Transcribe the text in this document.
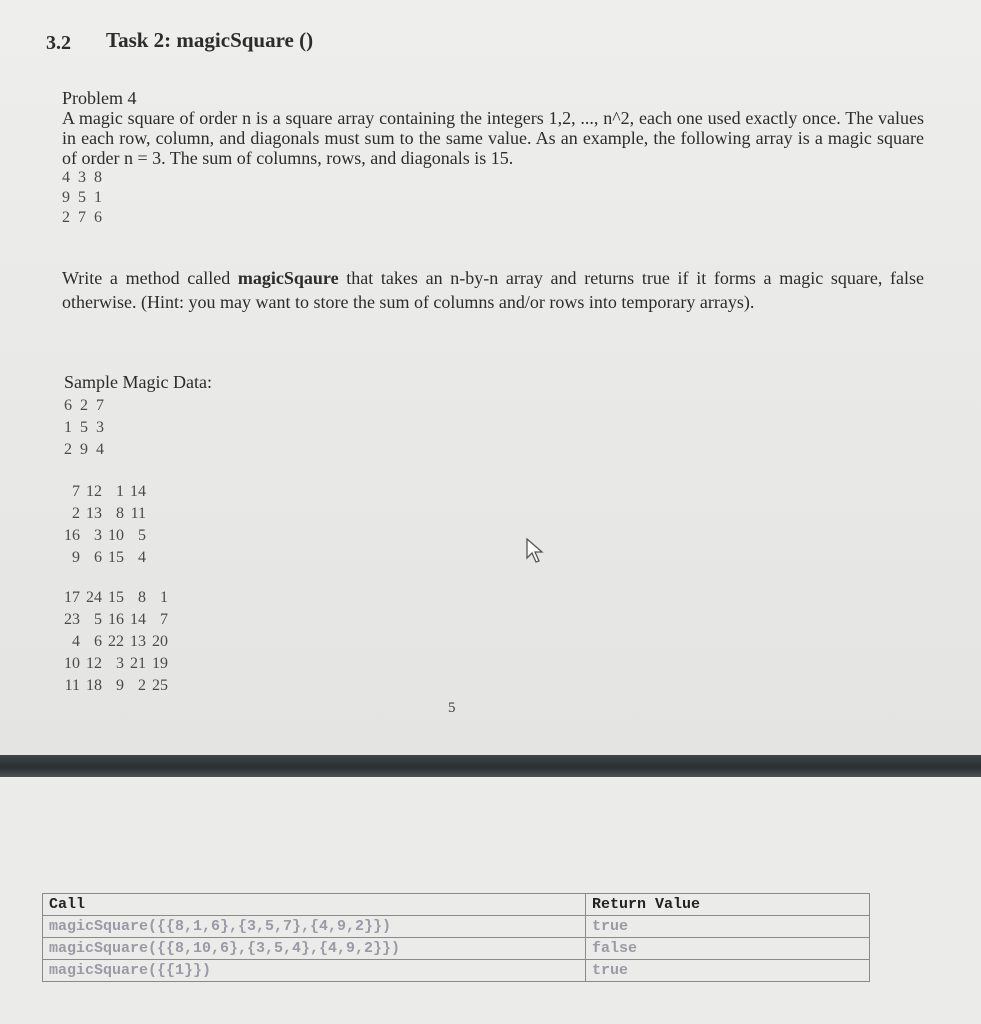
3.2 Task 2: magicSquare ()

Problem 4

A magic square of order n is a square array containing the integers 1,2, ..., n^2, each one used exactly once. The values in each row, column, and diagonals must sum to the same value. As an example, the following array is a magic square of order n = 3. The sum of columns, rows, and diagonals is 15.

4 3 8
9 5 1
2 7 6
Write a method called magicSqaure that takes an n-by-n array and returns true if it forms a magic square, false otherwise. (Hint: you may want to store the sum of columns and/or rows into temporary arrays).
Sample Magic Data:
6 2 7
1 5 3
2 9 4
7	12	1	14
2	13	8	11
16	3	10	5
9	6	15	4
17	24	15	8	1
23	5	16	14	7
4	6	22	13	20
10	12	3	21	19
11	18	9	2	25
5
Call	Return Value
magicSquare({{8,1,6},{3,5,7},{4,9,2}})	true
magicSquare({{8,10,6},{3,5,4},{4,9,2}})	false
magicSquare({{1}})	true
